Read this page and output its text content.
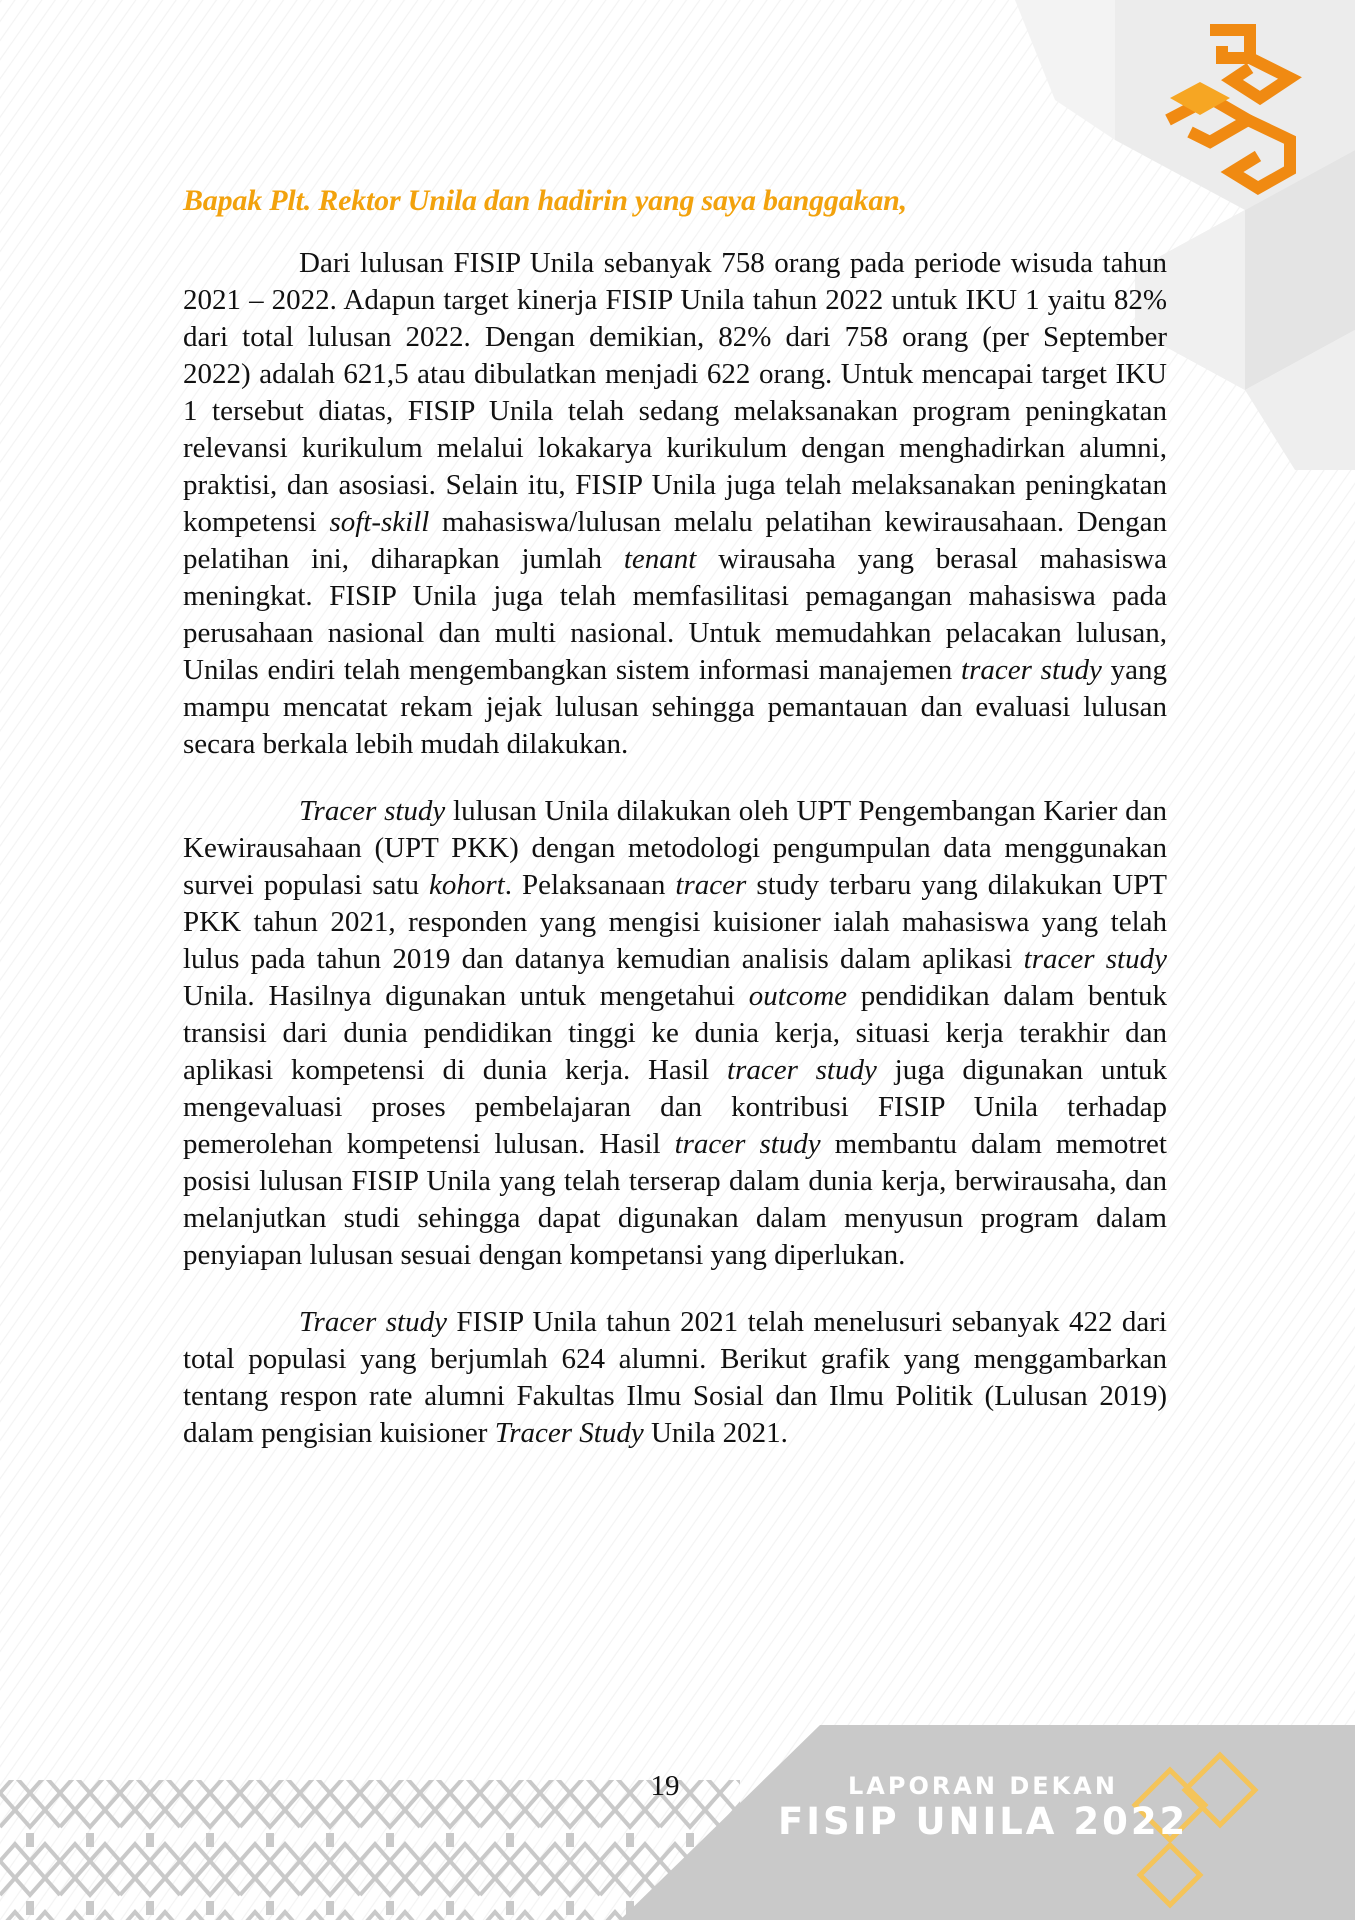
Bapak Plt. Rektor Unila dan hadirin yang saya banggakan,

Dari lulusan FISIP Unila sebanyak 758 orang pada periode wisuda tahun 2021 – 2022. Adapun target kinerja FISIP Unila tahun 2022 untuk IKU 1 yaitu 82% dari total lulusan 2022. Dengan demikian, 82% dari 758 orang (per September 2022) adalah 621,5 atau dibulatkan menjadi 622 orang. Untuk mencapai target IKU 1 tersebut diatas, FISIP Unila telah sedang melaksanakan program peningkatan relevansi kurikulum melalui lokakarya kurikulum dengan menghadirkan alumni, praktisi, dan asosiasi. Selain itu, FISIP Unila juga telah melaksanakan peningkatan kompetensi soft-skill mahasiswa/lulusan melalu pelatihan kewirausahaan. Dengan pelatihan ini, diharapkan jumlah tenant wirausaha yang berasal mahasiswa meningkat. FISIP Unila juga telah memfasilitasi pemagangan mahasiswa pada perusahaan nasional dan multi nasional. Untuk memudahkan pelacakan lulusan, Unilas endiri telah mengembangkan sistem informasi manajemen tracer study yang mampu mencatat rekam jejak lulusan sehingga pemantauan dan evaluasi lulusan secara berkala lebih mudah dilakukan.

Tracer study lulusan Unila dilakukan oleh UPT Pengembangan Karier dan Kewirausahaan (UPT PKK) dengan metodologi pengumpulan data menggunakan survei populasi satu kohort. Pelaksanaan tracer study terbaru yang dilakukan UPT PKK tahun 2021, responden yang mengisi kuisioner ialah mahasiswa yang telah lulus pada tahun 2019 dan datanya kemudian analisis dalam aplikasi tracer study Unila. Hasilnya digunakan untuk mengetahui outcome pendidikan dalam bentuk transisi dari dunia pendidikan tinggi ke dunia kerja, situasi kerja terakhir dan aplikasi kompetensi di dunia kerja. Hasil tracer study juga digunakan untuk mengevaluasi proses pembelajaran dan kontribusi FISIP Unila terhadap pemerolehan kompetensi lulusan. Hasil tracer study membantu dalam memotret posisi lulusan FISIP Unila yang telah terserap dalam dunia kerja, berwirausaha, dan melanjutkan studi sehingga dapat digunakan dalam menyusun program dalam penyiapan lulusan sesuai dengan kompetansi yang diperlukan.

Tracer study FISIP Unila tahun 2021 telah menelusuri sebanyak 422 dari total populasi yang berjumlah 624 alumni. Berikut grafik yang menggambarkan tentang respon rate alumni Fakultas Ilmu Sosial dan Ilmu Politik (Lulusan 2019) dalam pengisian kuisioner Tracer Study Unila 2021.

19	LAPORAN DEKAN
FISIP UNILA 2022
